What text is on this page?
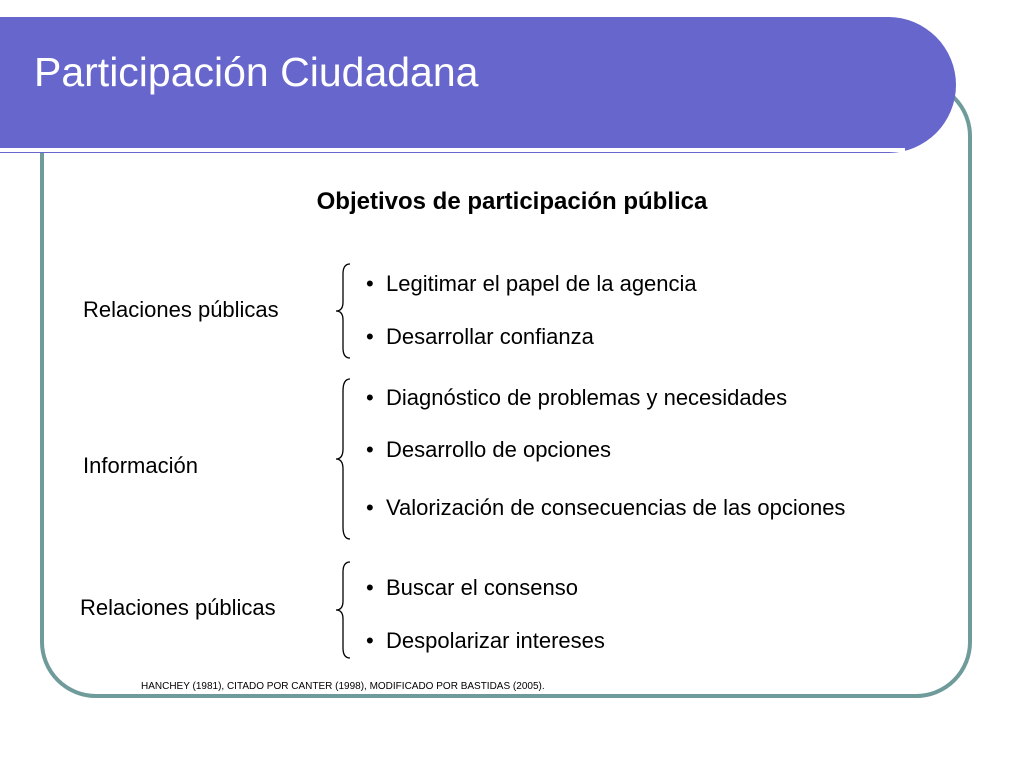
Participación Ciudadana
Objetivos de participación pública
Relaciones públicas
• Legitimar el papel de la agencia
• Desarrollar confianza
Información
• Diagnóstico de problemas y necesidades
• Desarrollo de opciones
• Valorización de consecuencias de las opciones
Relaciones públicas
• Buscar el consenso
• Despolarizar intereses
HANCHEY (1981), CITADO POR CANTER (1998), MODIFICADO POR BASTIDAS (2005).
